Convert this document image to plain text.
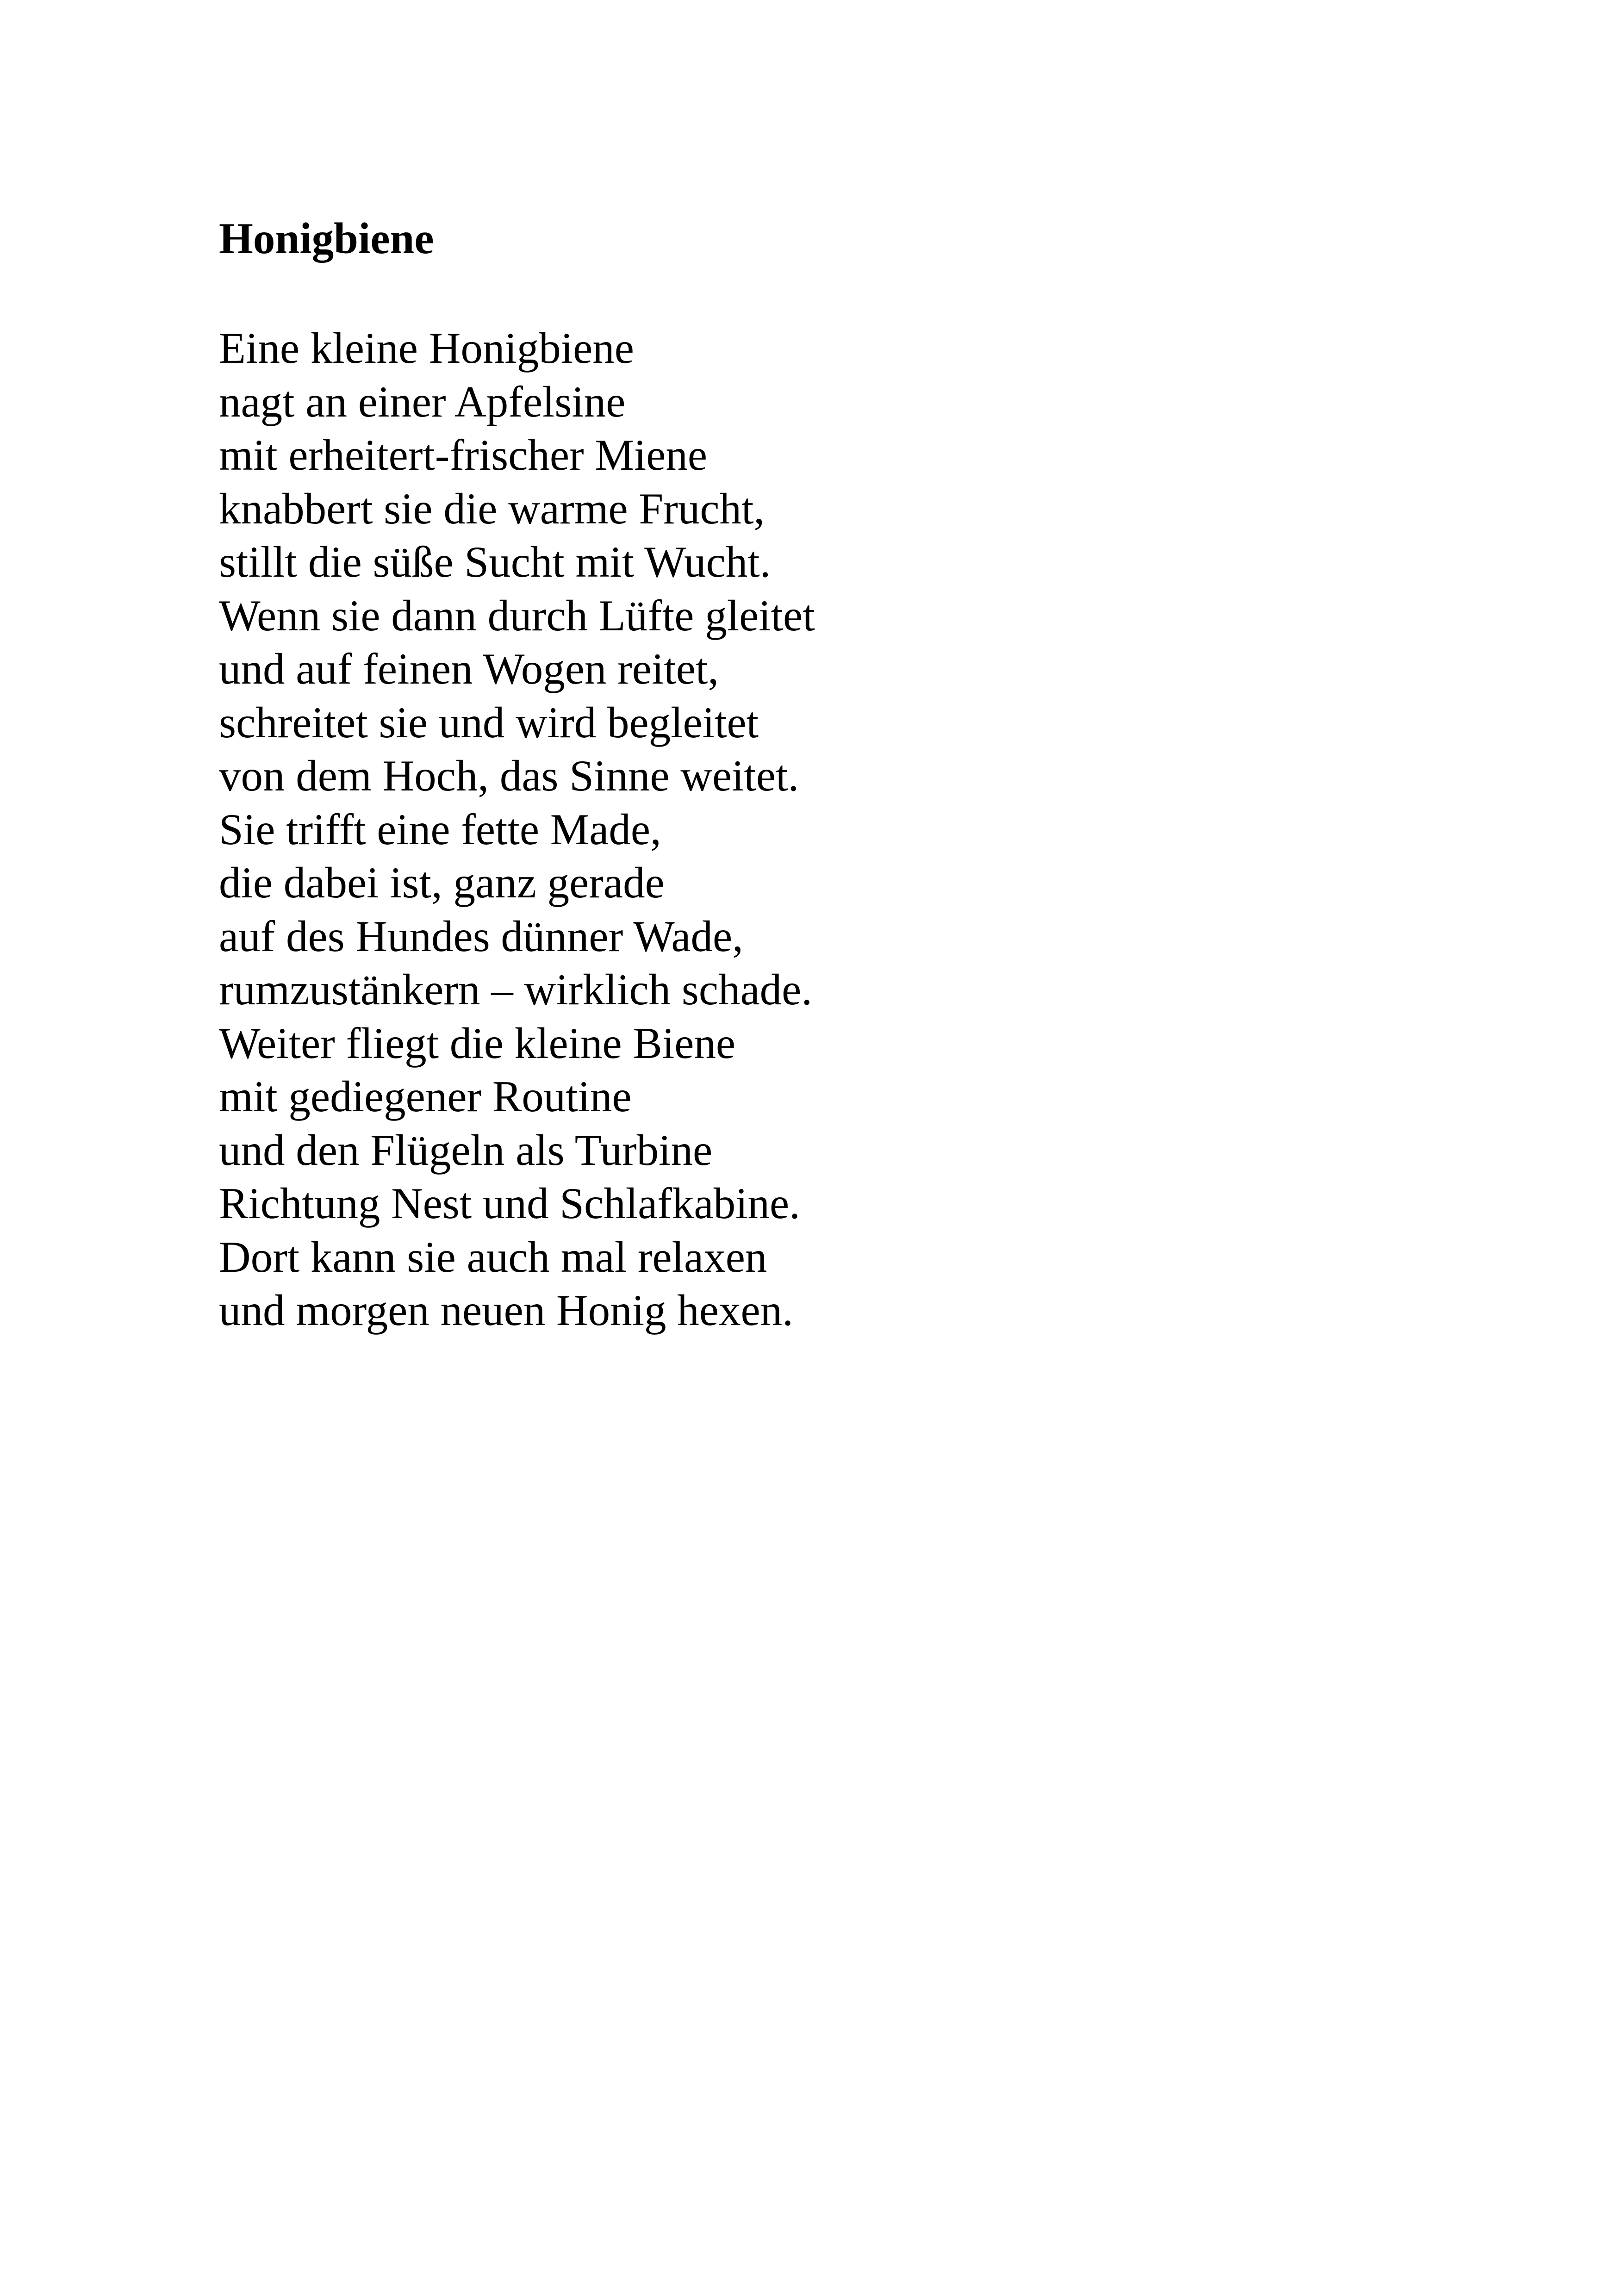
Honigbiene
Eine kleine Honigbiene
nagt an einer Apfelsine
mit erheitert-frischer Miene
knabbert sie die warme Frucht,
stillt die süße Sucht mit Wucht.
Wenn sie dann durch Lüfte gleitet
und auf feinen Wogen reitet,
schreitet sie und wird begleitet
von dem Hoch, das Sinne weitet.
Sie trifft eine fette Made,
die dabei ist, ganz gerade
auf des Hundes dünner Wade,
rumzustänkern – wirklich schade.
Weiter fliegt die kleine Biene
mit gediegener Routine
und den Flügeln als Turbine
Richtung Nest und Schlafkabine.
Dort kann sie auch mal relaxen
und morgen neuen Honig hexen.
